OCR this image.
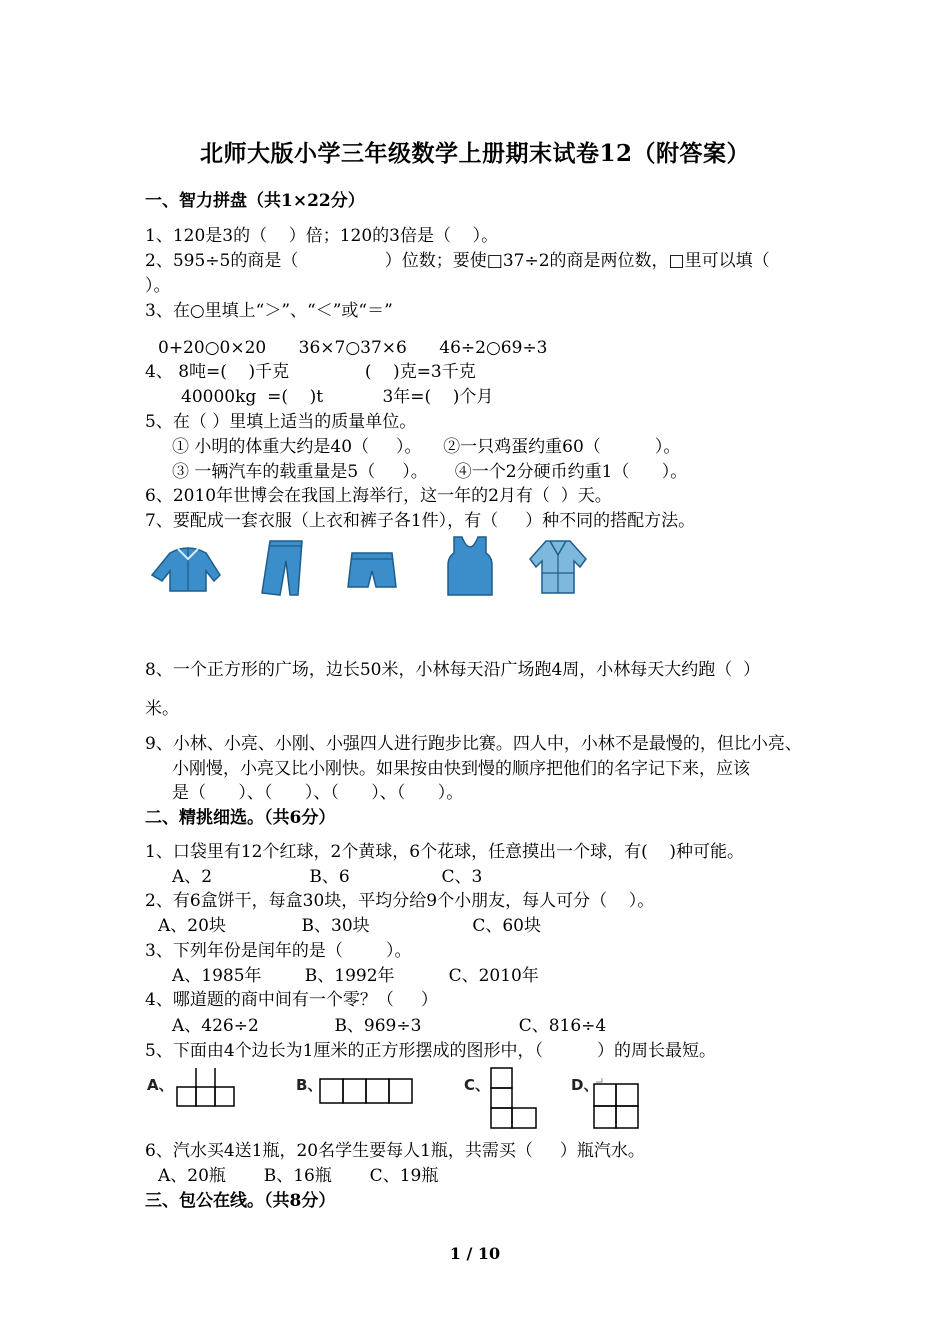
北师大版小学三年级数学上册期末试卷12（附答案）
一、智力拼盘（共1×22分）
1、120是3的（    ）倍；120的3倍是（    ）。
2、595÷5的商是（                ）位数；要使□37÷2的商是两位数，□里可以填（
）。
3、在○里填上“＞”、“＜”或“＝”
0+20○0×20      36×7○37×6      46÷2○69÷3
4、 8吨=(    )千克              (    )克=3千克
40000kg  =(    )t           3年=(    )个月
5、在（ ）里填上适当的质量单位。
① 小明的体重大约是40（     ）。    ②一只鸡蛋约重60（          ）。
③ 一辆汽车的载重量是5（     ）。     ④一个2分硬币约重1（      ）。
6、2010年世博会在我国上海举行，这一年的2月有（  ）天。
7、要配成一套衣服（上衣和裤子各1件），有（     ）种不同的搭配方法。
8、一个正方形的广场，边长50米，小林每天沿广场跑4周，小林每天大约跑（  ）
米。
9、小林、小亮、小刚、小强四人进行跑步比赛。四人中，小林不是最慢的，但比小亮、
小刚慢，小亮又比小刚快。如果按由快到慢的顺序把他们的名字记下来，应该
是（      ）、（      ）、（      ）、（      ）。
二、精挑细选。（共6分）
1、口袋里有12个红球，2个黄球，6个花球，任意摸出一个球，有(    )种可能。
A、2                  B、6                 C、3
2、有6盒饼干，每盒30块，平均分给9个小朋友，每人可分（    ）。
A、20块              B、30块                   C、60块
3、下列年份是闰年的是（        ）。
A、1985年        B、1992年          C、2010年
4、哪道题的商中间有一个零？（     ）
A、426÷2              B、969÷3                  C、816÷4
5、下面由4个边长为1厘米的正方形摆成的图形中，（          ）的周长最短。
A、	B、	C、	D、
6、汽水买4送1瓶，20名学生要每人1瓶，共需买（     ）瓶汽水。
A、20瓶       B、16瓶       C、19瓶
三、包公在线。（共8分）
1 / 10
